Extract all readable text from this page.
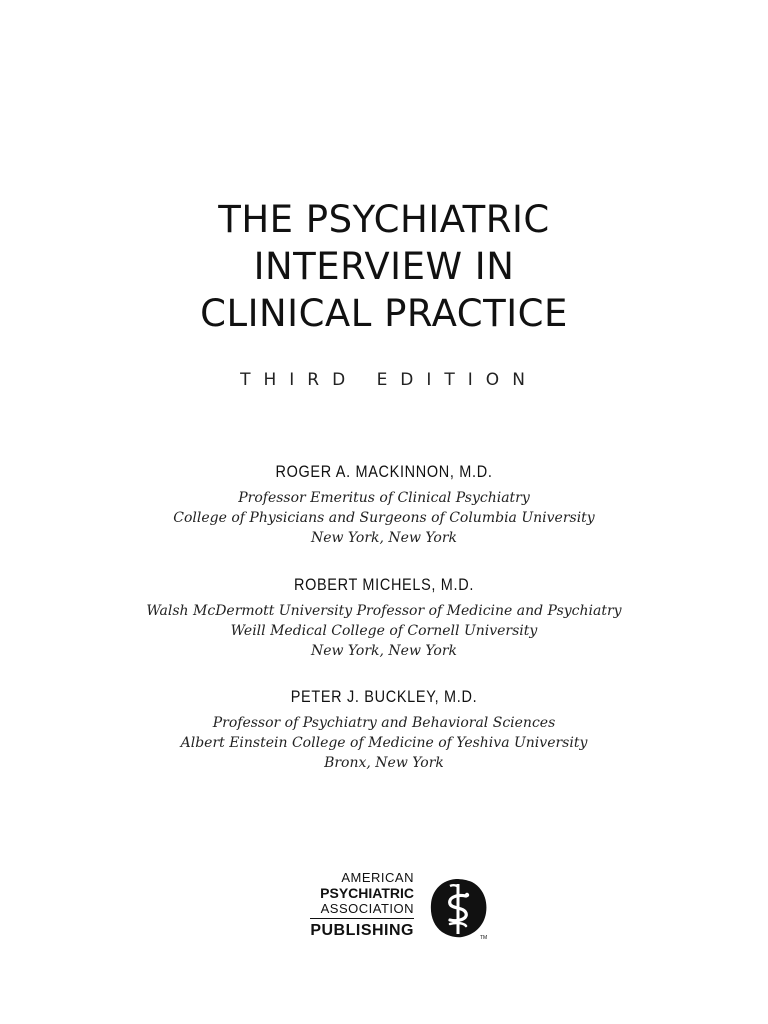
THE PSYCHIATRIC
INTERVIEW IN
CLINICAL PRACTICE
THIRD EDITION
ROGER A. MACKINNON, M.D.
Professor Emeritus of Clinical Psychiatry
College of Physicians and Surgeons of Columbia University
New York, New York
ROBERT MICHELS, M.D.
Walsh McDermott University Professor of Medicine and Psychiatry
Weill Medical College of Cornell University
New York, New York
PETER J. BUCKLEY, M.D.
Professor of Psychiatry and Behavioral Sciences
Albert Einstein College of Medicine of Yeshiva University
Bronx, New York
AMERICAN
PSYCHIATRIC
ASSOCIATION
PUBLISHING	TM
